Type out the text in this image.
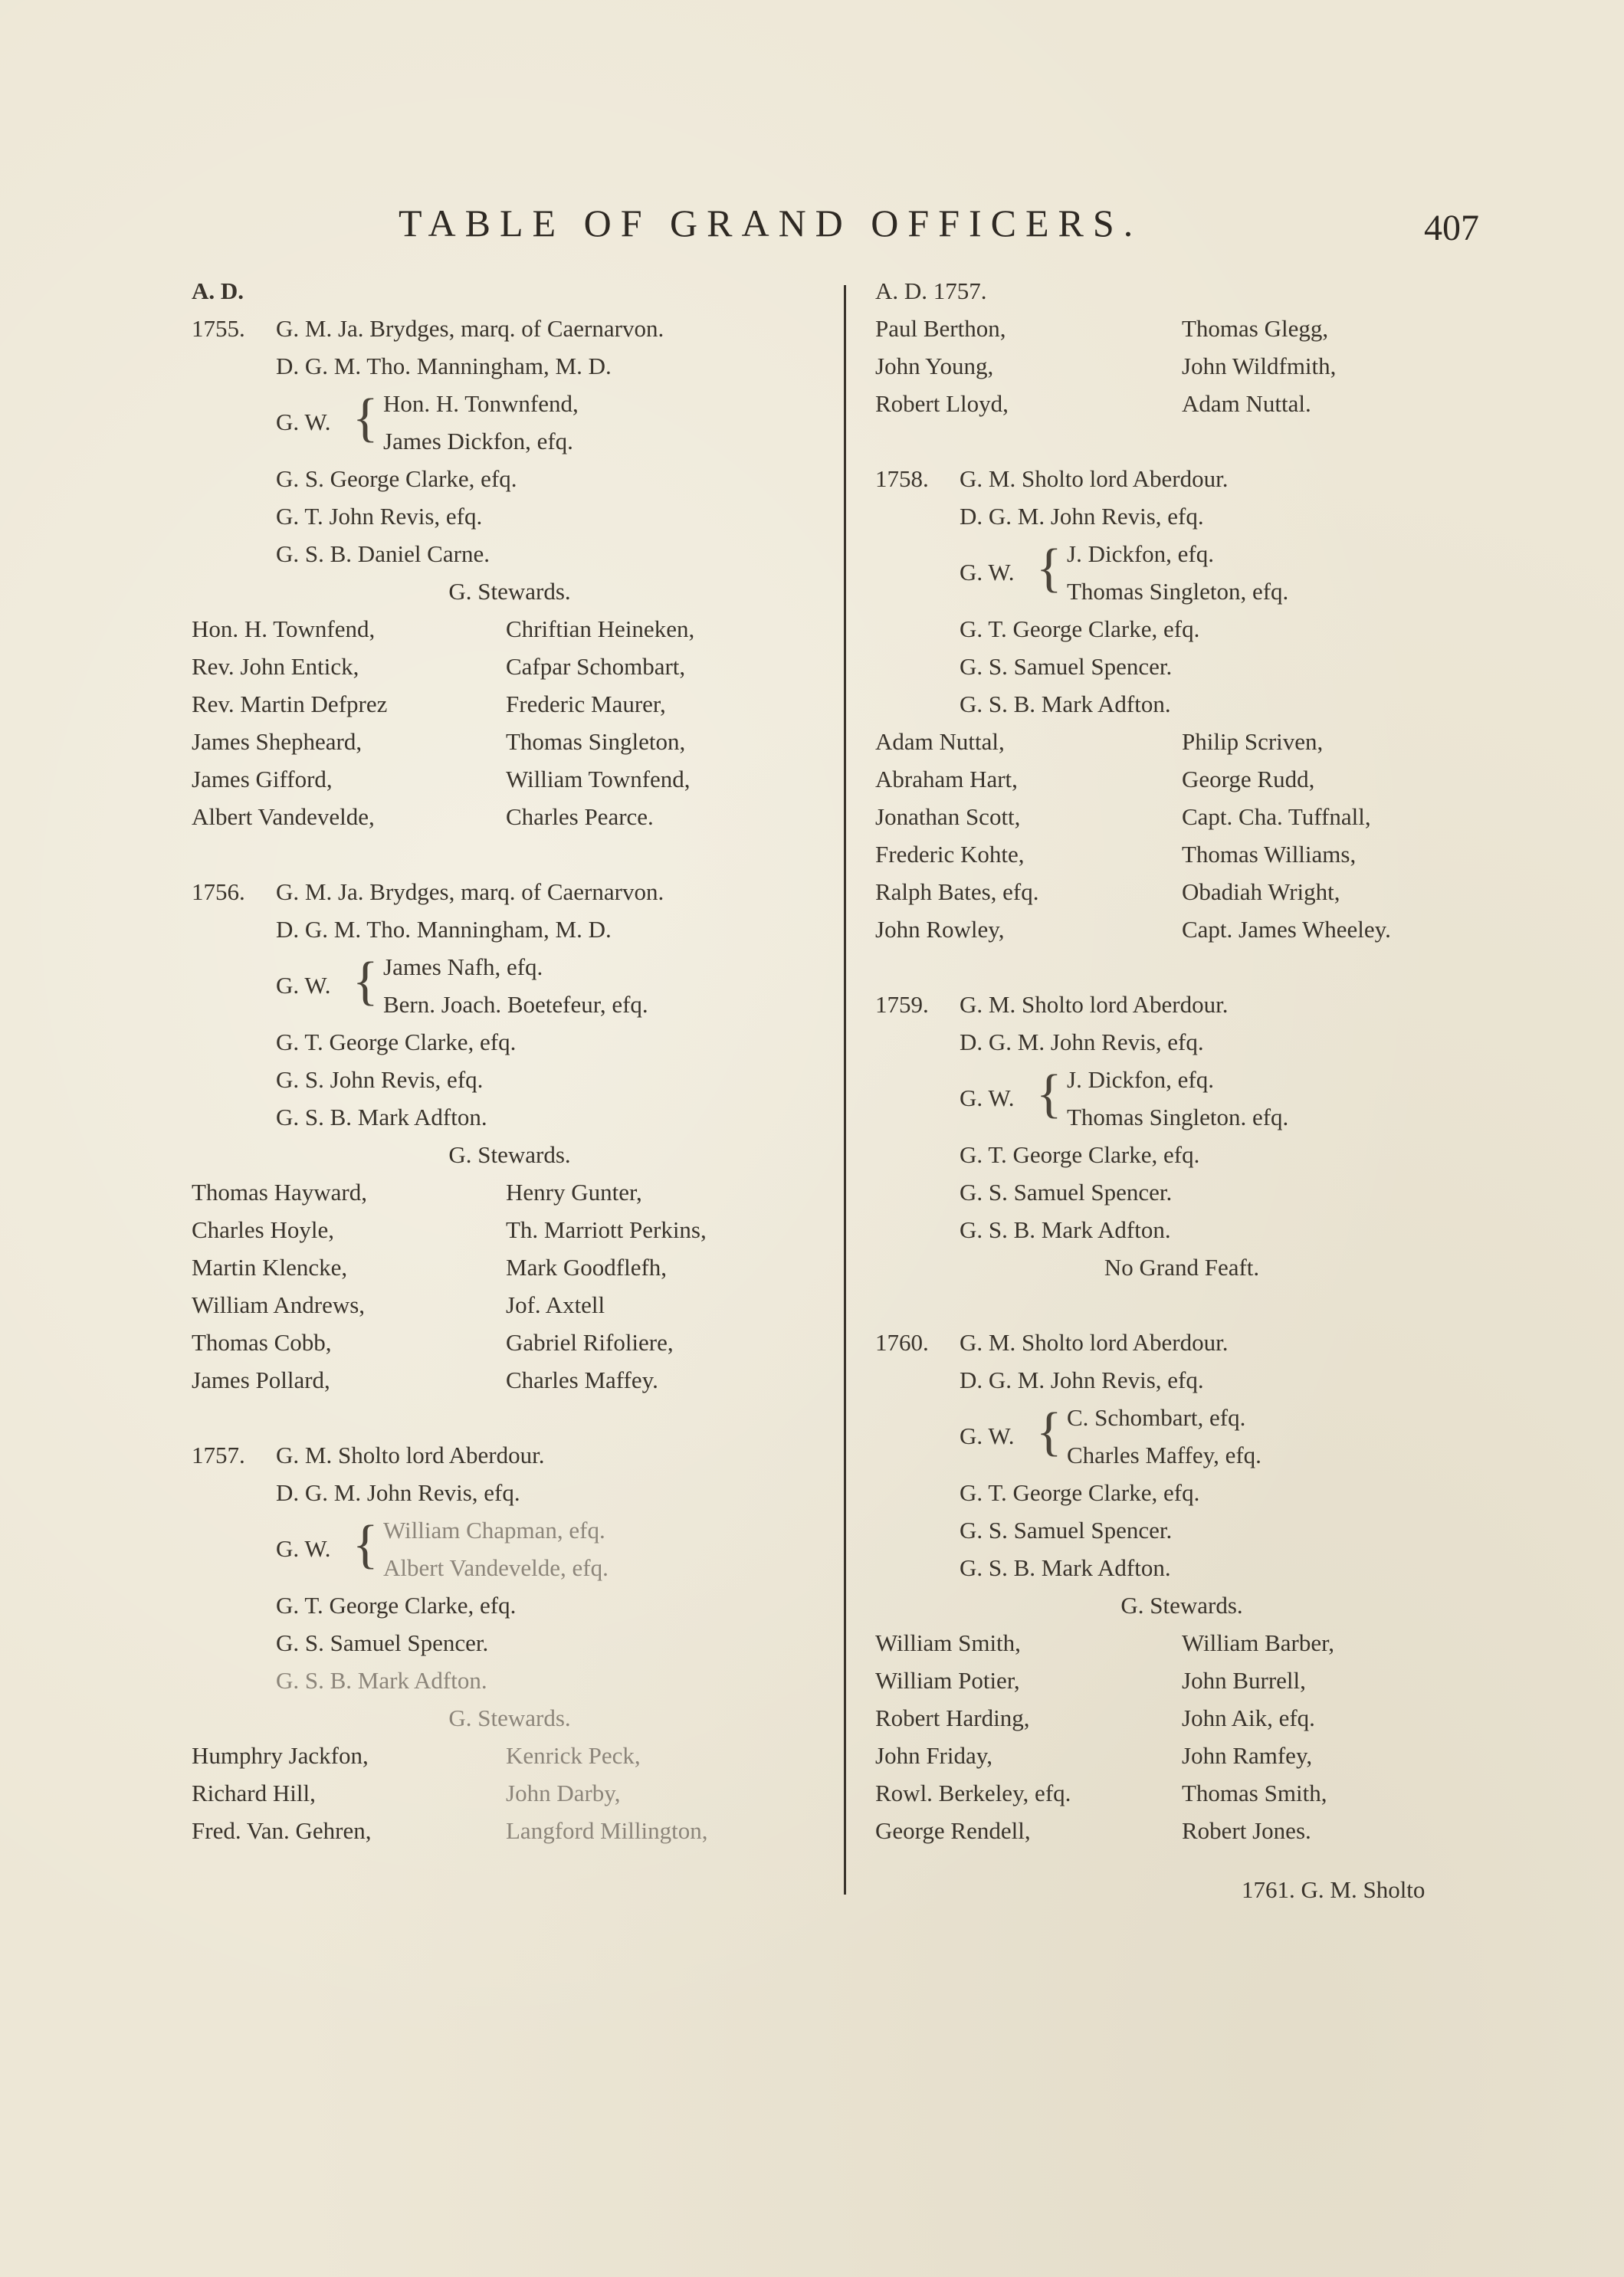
TABLE OF GRAND OFFICERS.	407
A. D.
1755. G. M. Ja. Brydges, marq. of Caernarvon.
D. G. M. Tho. Manningham, M. D.
G. W. { Hon. H. Tonwnfend,
James Dickfon, efq.
G. S. George Clarke, efq.
G. T. John Revis, efq.
G. S. B. Daniel Carne.
G. Stewards.
Hon. H. Townfend,	Chriftian Heineken,
Rev. John Entick,	Cafpar Schombart,
Rev. Martin Defprez	Frederic Maurer,
James Shepheard,	Thomas Singleton,
James Gifford,	William Townfend,
Albert Vandevelde,	Charles Pearce.
1756. G. M. Ja. Brydges, marq. of Caernarvon.
D. G. M. Tho. Manningham, M. D.
G. W. { James Nafh, efq.
Bern. Joach. Boetefeur, efq.
G. T. George Clarke, efq.
G. S. John Revis, efq.
G. S. B. Mark Adfton.
G. Stewards.
Thomas Hayward,	Henry Gunter,
Charles Hoyle,	Th. Marriott Perkins,
Martin Klencke,	Mark Goodflefh,
William Andrews,	Jof. Axtell
Thomas Cobb,	Gabriel Rifoliere,
James Pollard,	Charles Maffey.
1757. G. M. Sholto lord Aberdour.
D. G. M. John Revis, efq.
G. W. { William Chapman, efq.
Albert Vandevelde, efq.
G. T. George Clarke, efq.
G. S. Samuel Spencer.
G. S. B. Mark Adfton.
G. Stewards.
Humphry Jackfon,	Kenrick Peck,
Richard Hill,	John Darby,
Fred. Van. Gehren,	Langford Millington,
A. D. 1757.
Paul Berthon,	Thomas Glegg,
John Young,	John Wildfmith,
Robert Lloyd,	Adam Nuttal.
1758. G. M. Sholto lord Aberdour.
D. G. M. John Revis, efq.
G. W. { J. Dickfon, efq.
Thomas Singleton, efq.
G. T. George Clarke, efq.
G. S. Samuel Spencer.
G. S. B. Mark Adfton.
Adam Nuttal,	Philip Scriven,
Abraham Hart,	George Rudd,
Jonathan Scott,	Capt. Cha. Tuffnall,
Frederic Kohte,	Thomas Williams,
Ralph Bates, efq.	Obadiah Wright,
John Rowley,	Capt. James Wheeley.
1759. G. M. Sholto lord Aberdour.
D. G. M. John Revis, efq.
G. W. { J. Dickfon, efq.
Thomas Singleton. efq.
G. T. George Clarke, efq.
G. S. Samuel Spencer.
G. S. B. Mark Adfton.
No Grand Feaft.
1760. G. M. Sholto lord Aberdour.
D. G. M. John Revis, efq.
G. W. { C. Schombart, efq.
Charles Maffey, efq.
G. T. George Clarke, efq.
G. S. Samuel Spencer.
G. S. B. Mark Adfton.
G. Stewards.
William Smith,	William Barber,
William Potier,	John Burrell,
Robert Harding,	John Aik, efq.
John Friday,	John Ramfey,
Rowl. Berkeley, efq.	Thomas Smith,
George Rendell,	Robert Jones.
1761. G. M. Sholto
